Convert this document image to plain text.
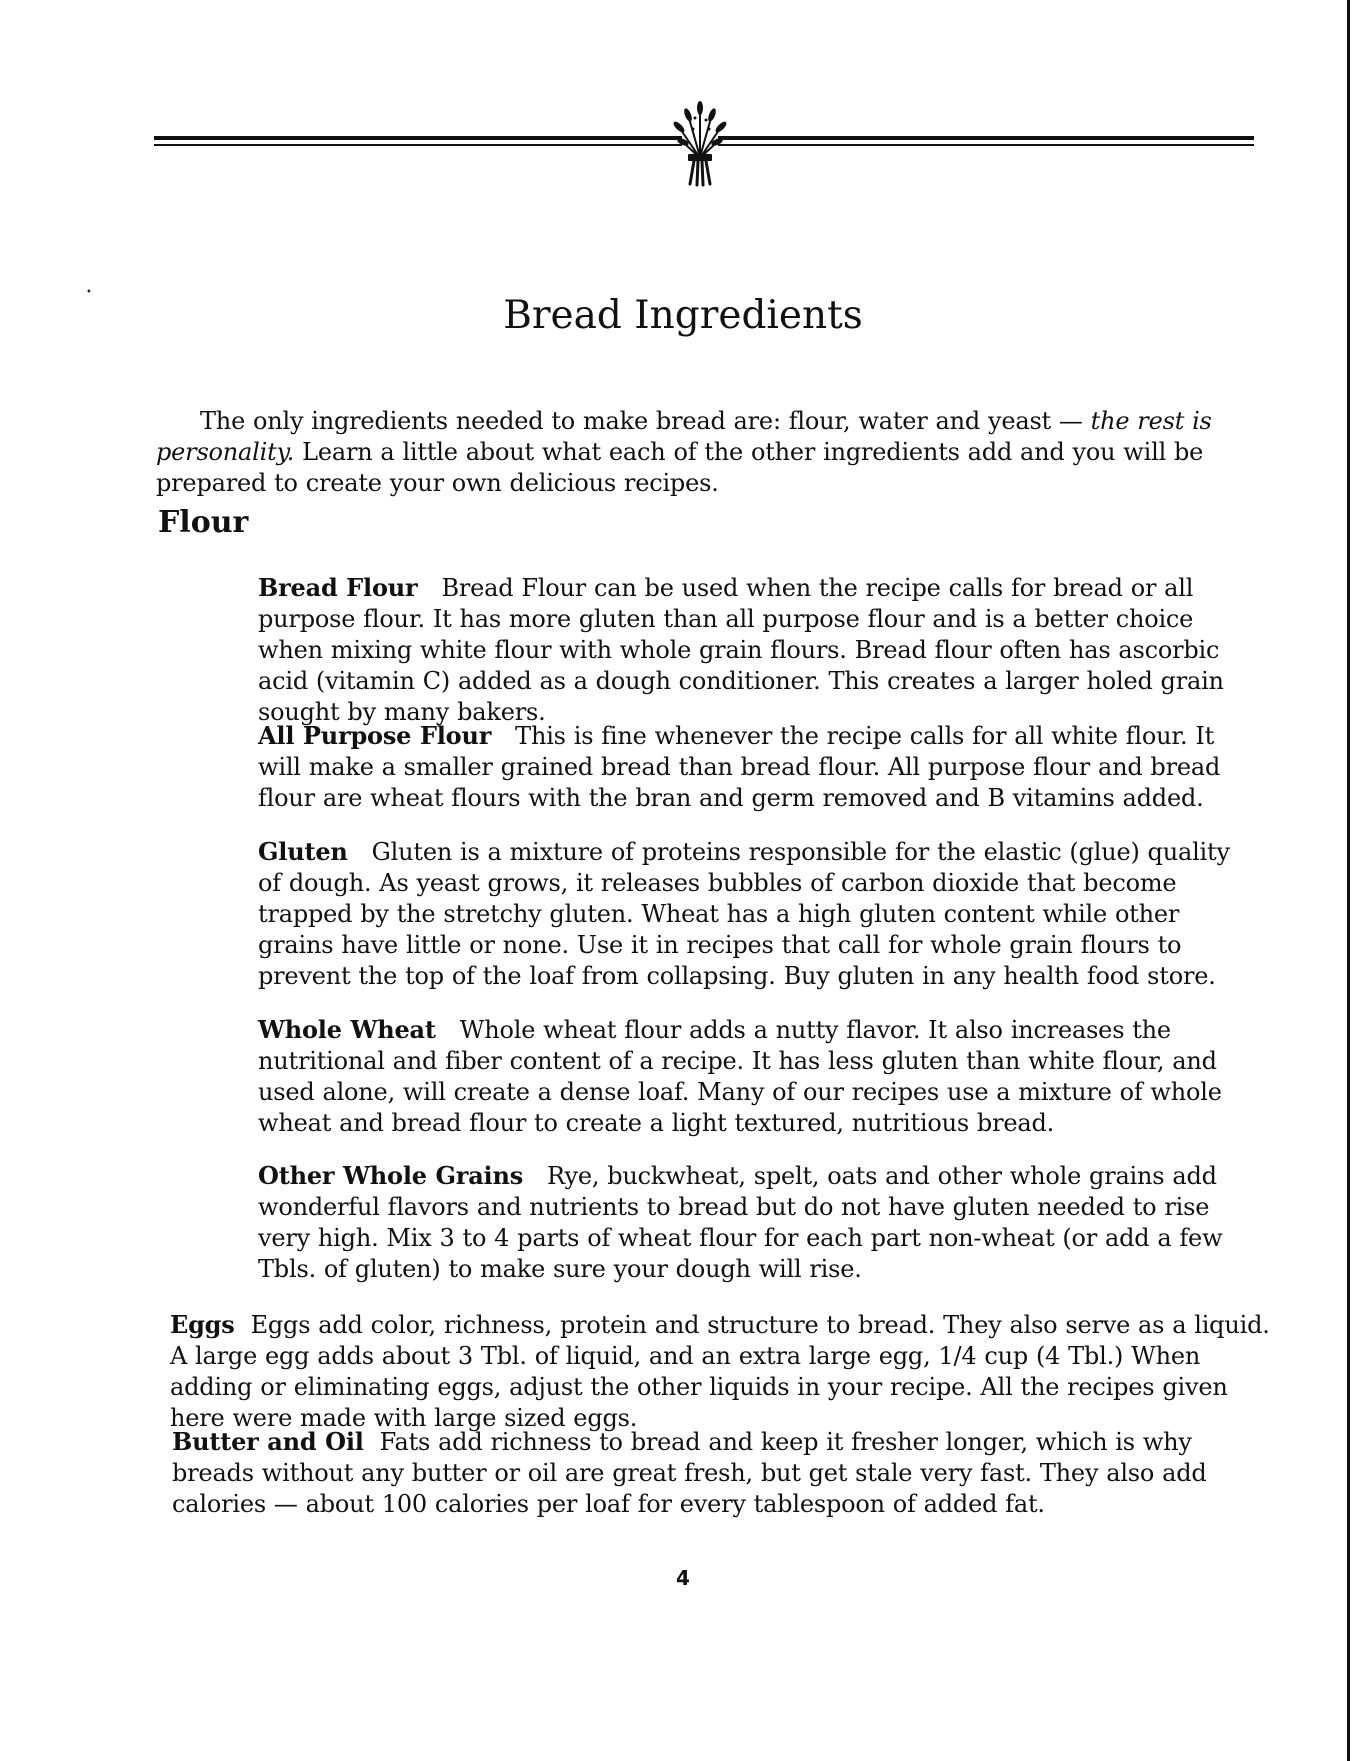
•
Bread Ingredients

The only ingredients needed to make bread are: flour, water and yeast — the rest is personality. Learn a little about what each of the other ingredients add and you will be prepared to create your own delicious recipes.

Flour

Bread Flour Bread Flour can be used when the recipe calls for bread or all purpose flour. It has more gluten than all purpose flour and is a better choice when mixing white flour with whole grain flours. Bread flour often has ascorbic acid (vitamin C) added as a dough conditioner. This creates a larger holed grain sought by many bakers.

All Purpose Flour This is fine whenever the recipe calls for all white flour. It will make a smaller grained bread than bread flour. All purpose flour and bread flour are wheat flours with the bran and germ removed and B vitamins added.

Gluten Gluten is a mixture of proteins responsible for the elastic (glue) quality of dough. As yeast grows, it releases bubbles of carbon dioxide that become trapped by the stretchy gluten. Wheat has a high gluten content while other grains have little or none. Use it in recipes that call for whole grain flours to prevent the top of the loaf from collapsing. Buy gluten in any health food store.

Whole Wheat Whole wheat flour adds a nutty flavor. It also increases the nutritional and fiber content of a recipe. It has less gluten than white flour, and used alone, will create a dense loaf. Many of our recipes use a mixture of whole wheat and bread flour to create a light textured, nutritious bread.

Other Whole Grains Rye, buckwheat, spelt, oats and other whole grains add wonderful flavors and nutrients to bread but do not have gluten needed to rise very high. Mix 3 to 4 parts of wheat flour for each part non-wheat (or add a few Tbls. of gluten) to make sure your dough will rise.

Eggs Eggs add color, richness, protein and structure to bread. They also serve as a liquid. A large egg adds about 3 Tbl. of liquid, and an extra large egg, 1/4 cup (4 Tbl.) When adding or eliminating eggs, adjust the other liquids in your recipe. All the recipes given here were made with large sized eggs.

Butter and Oil Fats add richness to bread and keep it fresher longer, which is why breads without any butter or oil are great fresh, but get stale very fast. They also add calories — about 100 calories per loaf for every tablespoon of added fat.

4
